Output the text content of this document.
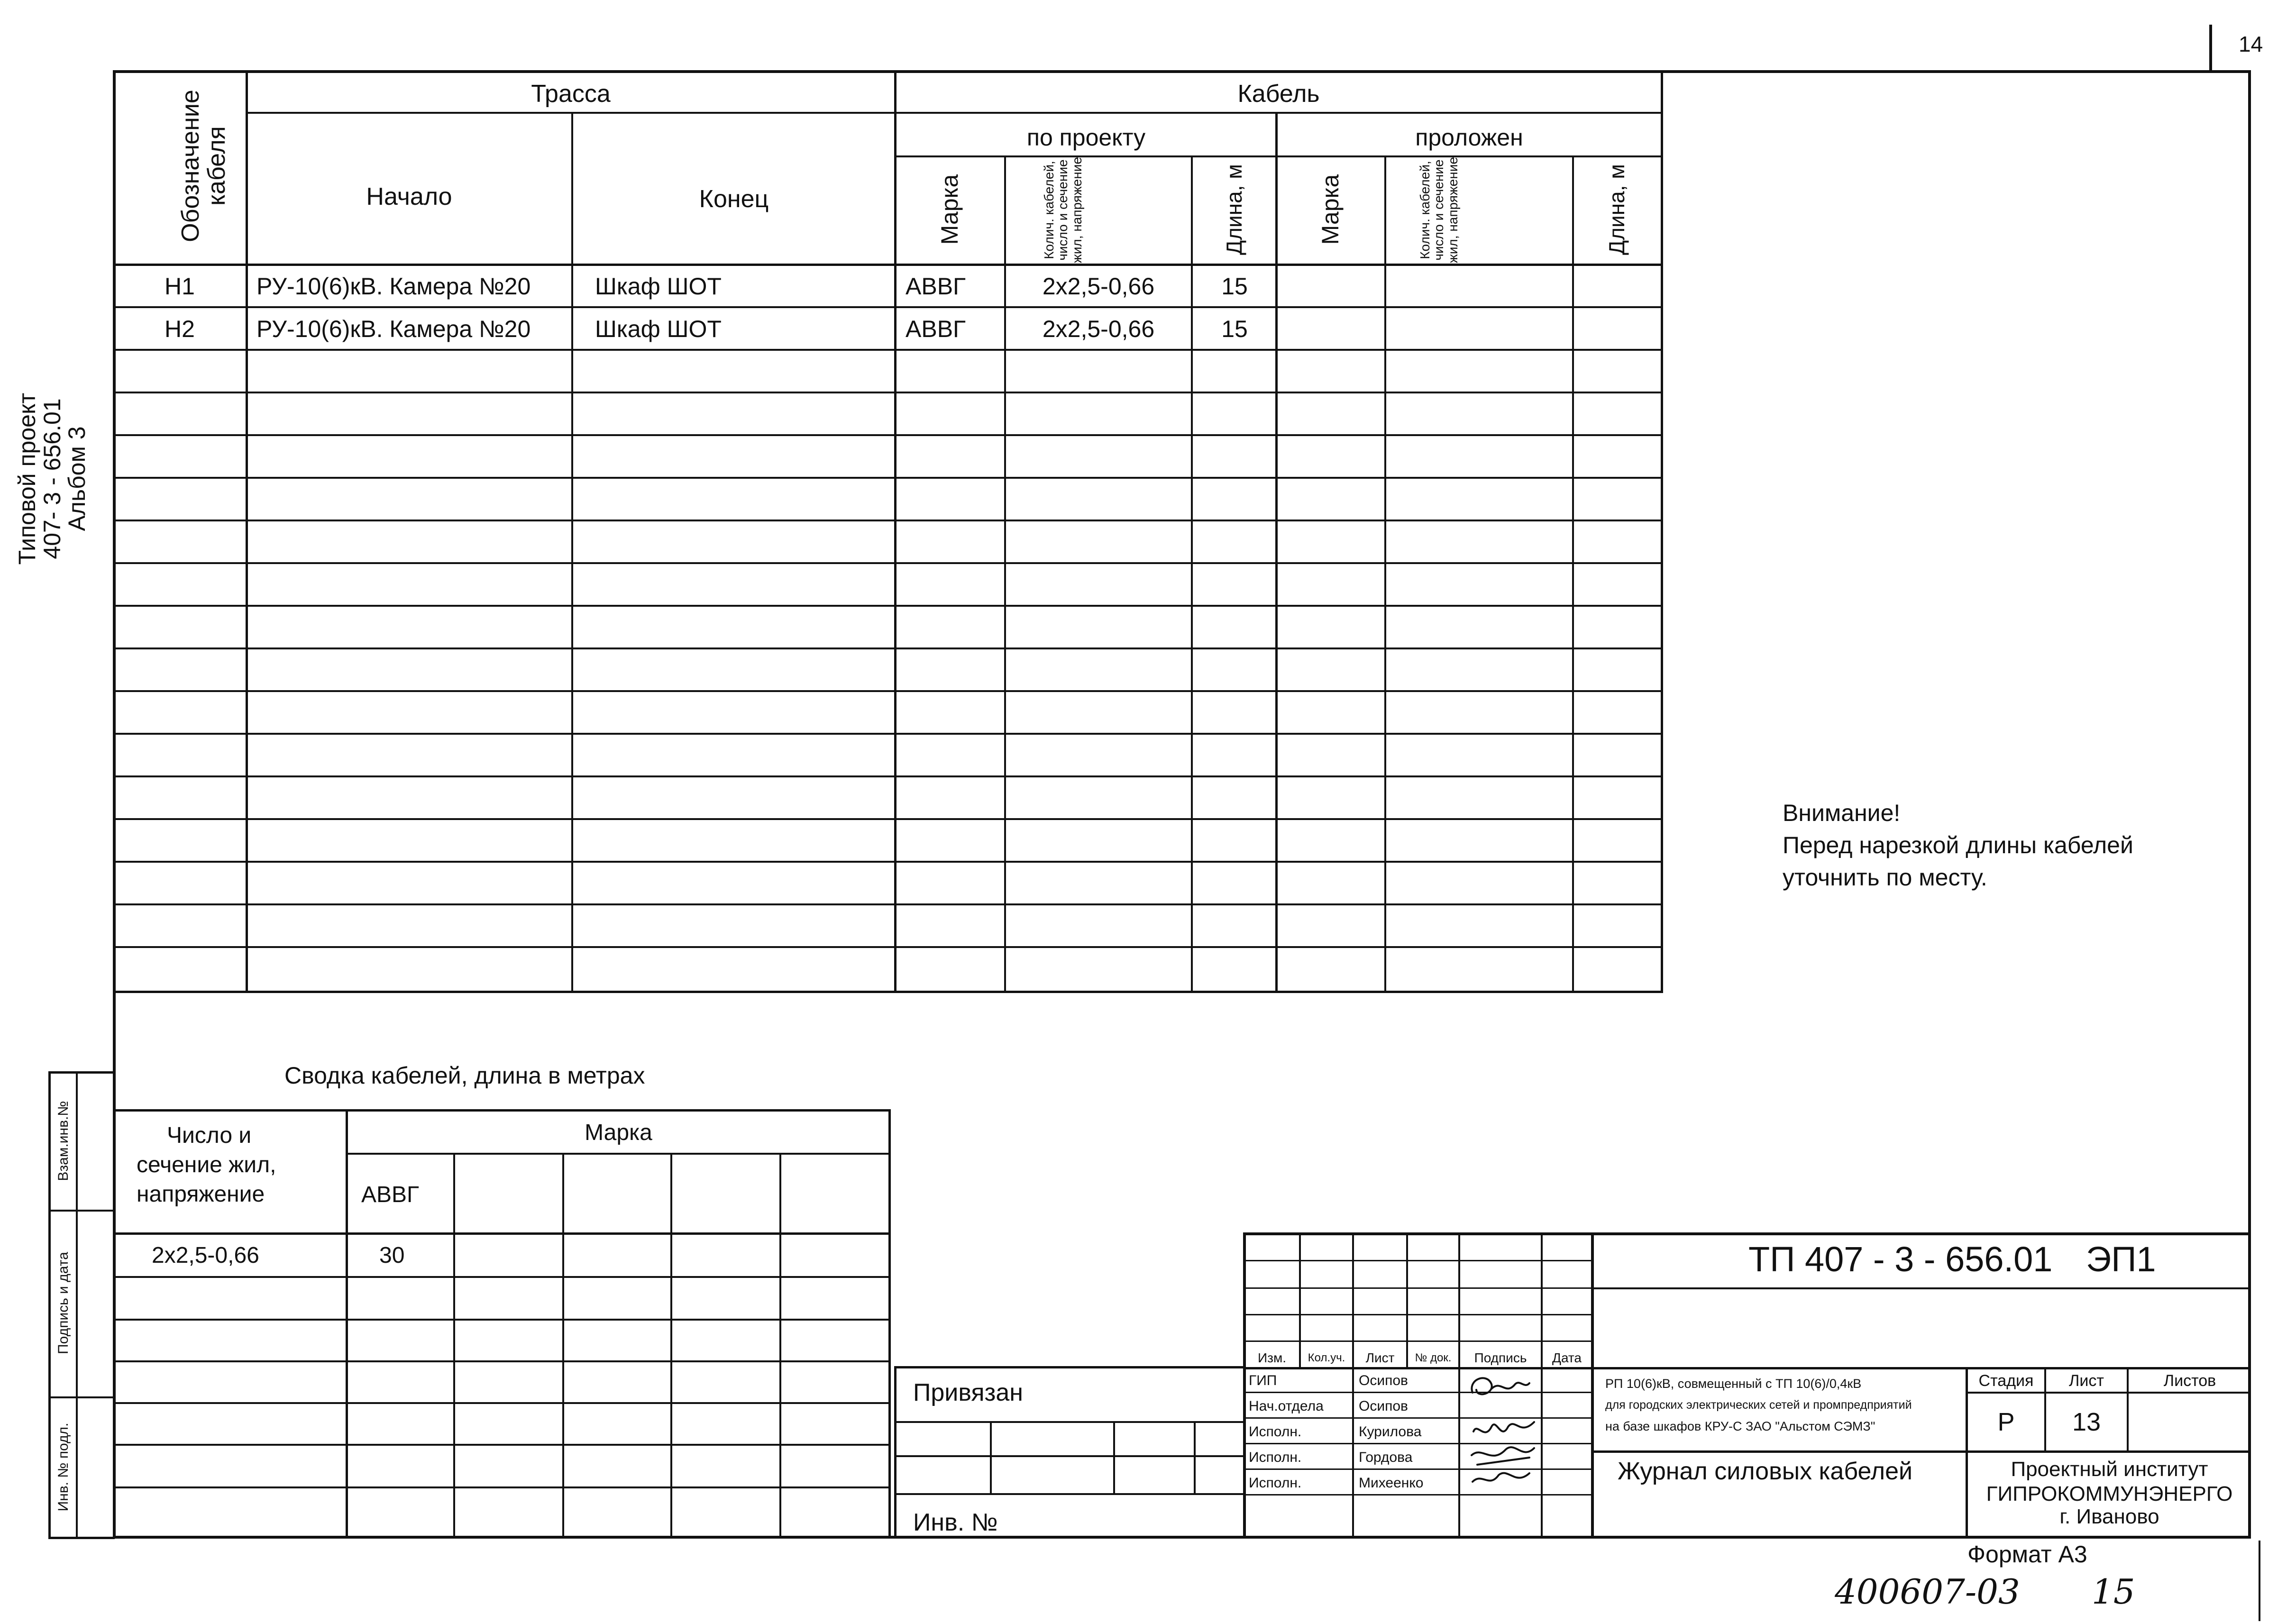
14
Типовой проект
407- 3 - 656.01
Альбом 3
Обозначение кабеля
Трасса	Кабель
Начало	Конец
по проекту	проложен
Марка	Колич. кабелей, число и сечение жил, напряжение	Длина, м	Марка	Колич. кабелей, число и сечение жил, напряжение	Длина, м
Н1	РУ-10(6)кВ. Камера №20	Шкаф ШОТ	АВВГ	2х2,5-0,66	15
Н2	РУ-10(6)кВ. Камера №20	Шкаф ШОТ	АВВГ	2х2,5-0,66	15
Внимание!
Перед нарезкой длины кабелей
уточнить по месту.
Сводка кабелей, длина в метрах
Число и
сечение жил,
напряжение
Марка
АВВГ
2х2,5-0,66	30
Взам.инв.№
Подпись и дата
Инв. № подл.
Привязан
Инв. №
Изм.	Кол.уч.	Лист	№ док.	Подпись	Дата
ГИП	Осипов
Нач.отдела Осипов
Исполн.	Курилова
Исполн.	Гордова
Исполн.	Михеенко
ТП 407 - 3 - 656.01 ЭП1
РП 10(6)кВ, совмещенный с ТП 10(6)/0,4кВ
для городских электрических сетей и промпредприятий
на базе шкафов КРУ-С ЗАО "Альстом СЭМЗ"
Стадия	Лист	Листов
Р	13
Журнал силовых кабелей	Проектный институт
ГИПРОКОММУНЭНЕРГО
г. Иваново
Формат А3
400607-03 15
